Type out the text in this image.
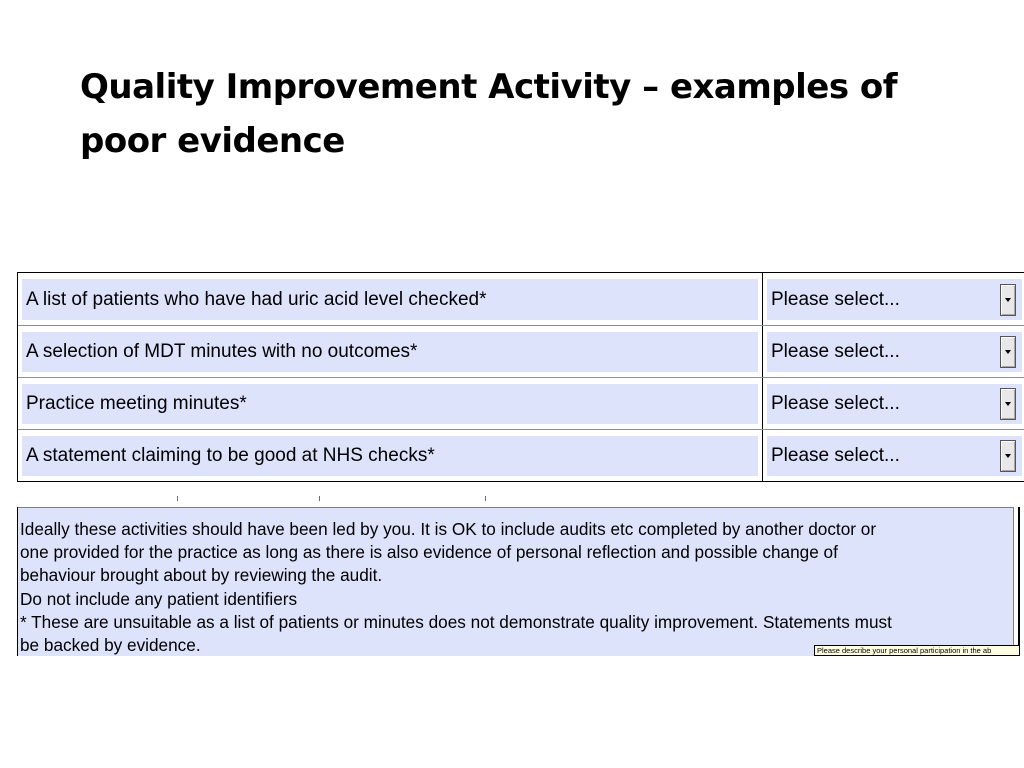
Quality Improvement Activity – examples of poor evidence
A list of patients who have had uric acid level checked*	Please select...
A selection of MDT minutes with no outcomes*	Please select...
Practice meeting minutes*	Please select...
A statement claiming to be good at NHS checks*	Please select...
Ideally these activities should have been led by you. It is OK to include audits etc completed by another doctor or
one provided for the practice as long as there is also evidence of personal reflection and possible change of
behaviour brought about by reviewing the audit.
Do not include any patient identifiers
* These are unsuitable as a list of patients or minutes does not demonstrate quality improvement. Statements must
be backed by evidence.	Please describe your personal participation in the ab
